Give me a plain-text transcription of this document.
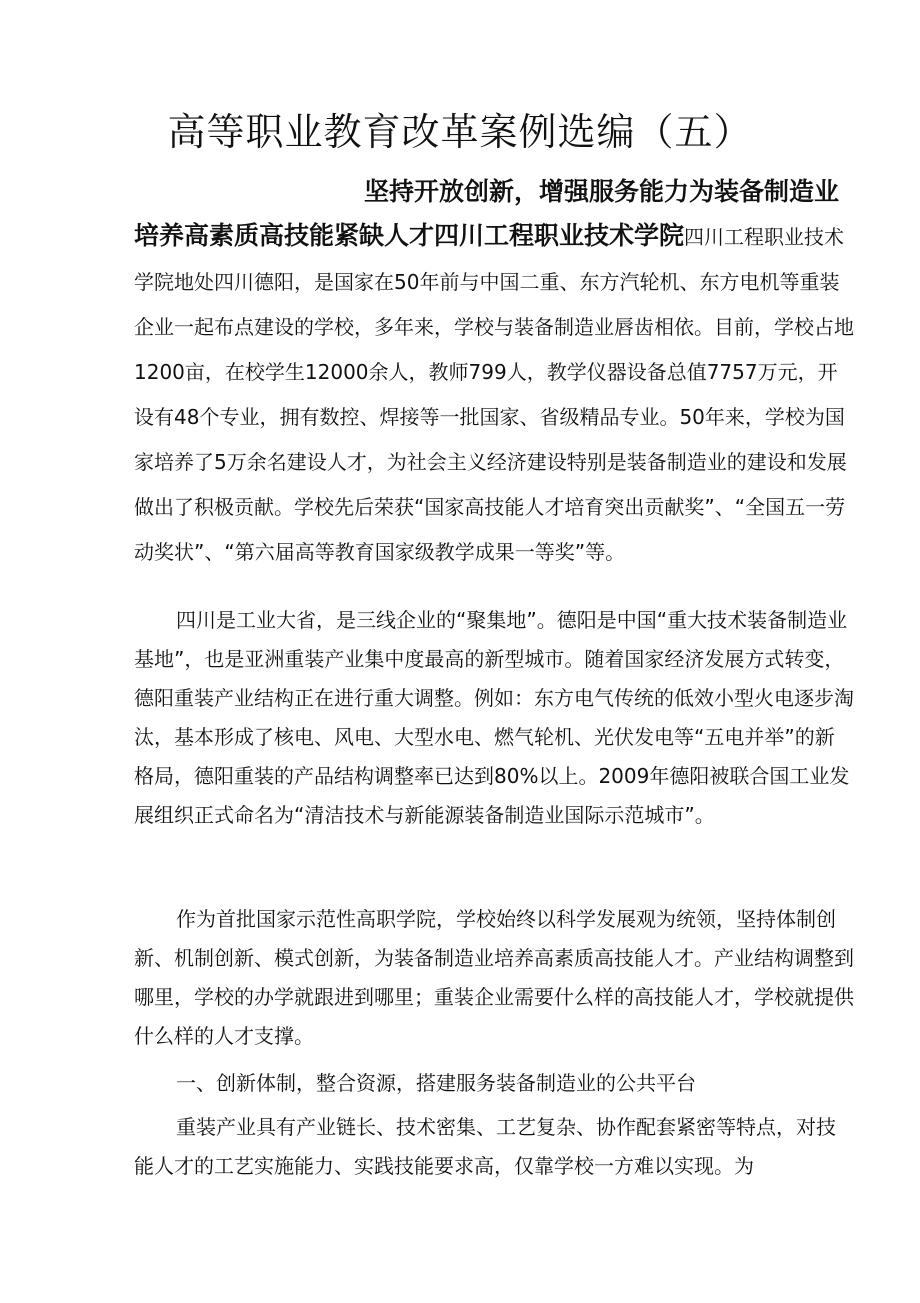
高等职业教育改革案例选编（五）

坚持开放创新，增强服务能力为装备制造业培养高素质高技能紧缺人才四川工程职业技术学院四川工程职业技术学院地处四川德阳，是国家在50年前与中国二重、东方汽轮机、东方电机等重装企业一起布点建设的学校，多年来，学校与装备制造业唇齿相依。目前，学校占地1200亩，在校学生12000余人，教师799人，教学仪器设备总值7757万元，开设有48个专业，拥有数控、焊接等一批国家、省级精品专业。50年来，学校为国家培养了5万余名建设人才，为社会主义经济建设特别是装备制造业的建设和发展做出了积极贡献。学校先后荣获“国家高技能人才培育突出贡献奖”、“全国五一劳动奖状”、“第六届高等教育国家级教学成果一等奖”等。

四川是工业大省，是三线企业的“聚集地”。德阳是中国“重大技术装备制造业基地”，也是亚洲重装产业集中度最高的新型城市。随着国家经济发展方式转变，德阳重装产业结构正在进行重大调整。例如：东方电气传统的低效小型火电逐步淘汰，基本形成了核电、风电、大型水电、燃气轮机、光伏发电等“五电并举”的新格局，德阳重装的产品结构调整率已达到80%以上。2009年德阳被联合国工业发展组织正式命名为“清洁技术与新能源装备制造业国际示范城市”。

作为首批国家示范性高职学院，学校始终以科学发展观为统领，坚持体制创新、机制创新、模式创新，为装备制造业培养高素质高技能人才。产业结构调整到哪里，学校的办学就跟进到哪里；重装企业需要什么样的高技能人才，学校就提供什么样的人才支撑。

一、创新体制，整合资源，搭建服务装备制造业的公共平台

重装产业具有产业链长、技术密集、工艺复杂、协作配套紧密等特点，对技能人才的工艺实施能力、实践技能要求高，仅靠学校一方难以实现。为
